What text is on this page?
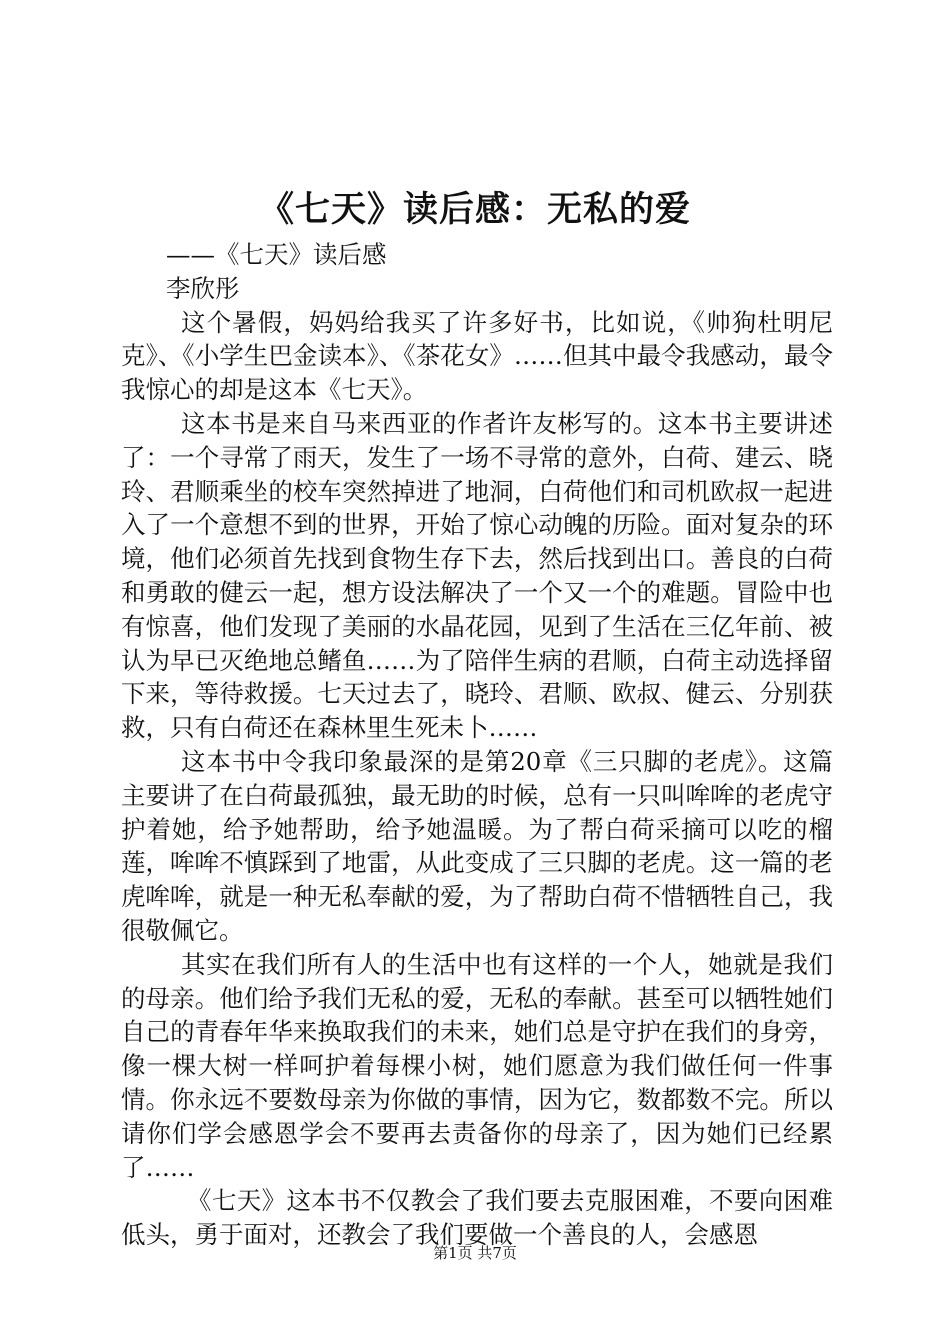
《七天》读后感：无私的爱

——《七天》读后感

李欣彤

这个暑假，妈妈给我买了许多好书，比如说，《帅狗杜明尼克》、《小学生巴金读本》、《茶花女》……但其中最令我感动，最令我惊心的却是这本《七天》。

这本书是来自马来西亚的作者许友彬写的。这本书主要讲述了：一个寻常了雨天，发生了一场不寻常的意外，白荷、建云、晓玲、君顺乘坐的校车突然掉进了地洞，白荷他们和司机欧叔一起进入了一个意想不到的世界，开始了惊心动魄的历险。面对复杂的环境，他们必须首先找到食物生存下去，然后找到出口。善良的白荷和勇敢的健云一起，想方设法解决了一个又一个的难题。冒险中也有惊喜，他们发现了美丽的水晶花园，见到了生活在三亿年前、被认为早已灭绝地总鳍鱼……为了陪伴生病的君顺，白荷主动选择留下来，等待救援。七天过去了，晓玲、君顺、欧叔、健云、分别获救，只有白荷还在森林里生死未卜……

这本书中令我印象最深的是第20章《三只脚的老虎》。这篇主要讲了在白荷最孤独，最无助的时候，总有一只叫哞哞的老虎守护着她，给予她帮助，给予她温暖。为了帮白荷采摘可以吃的榴莲，哞哞不慎踩到了地雷，从此变成了三只脚的老虎。这一篇的老虎哞哞，就是一种无私奉献的爱，为了帮助白荷不惜牺牲自己，我很敬佩它。

其实在我们所有人的生活中也有这样的一个人，她就是我们的母亲。他们给予我们无私的爱，无私的奉献。甚至可以牺牲她们自己的青春年华来换取我们的未来，她们总是守护在我们的身旁，像一棵大树一样呵护着每棵小树，她们愿意为我们做任何一件事情。你永远不要数母亲为你做的事情，因为它，数都数不完。所以请你们学会感恩学会不要再去责备你的母亲了，因为她们已经累了……

《七天》这本书不仅教会了我们要去克服困难，不要向困难低头，勇于面对，还教会了我们要做一个善良的人，会感恩

第1页 共7页
